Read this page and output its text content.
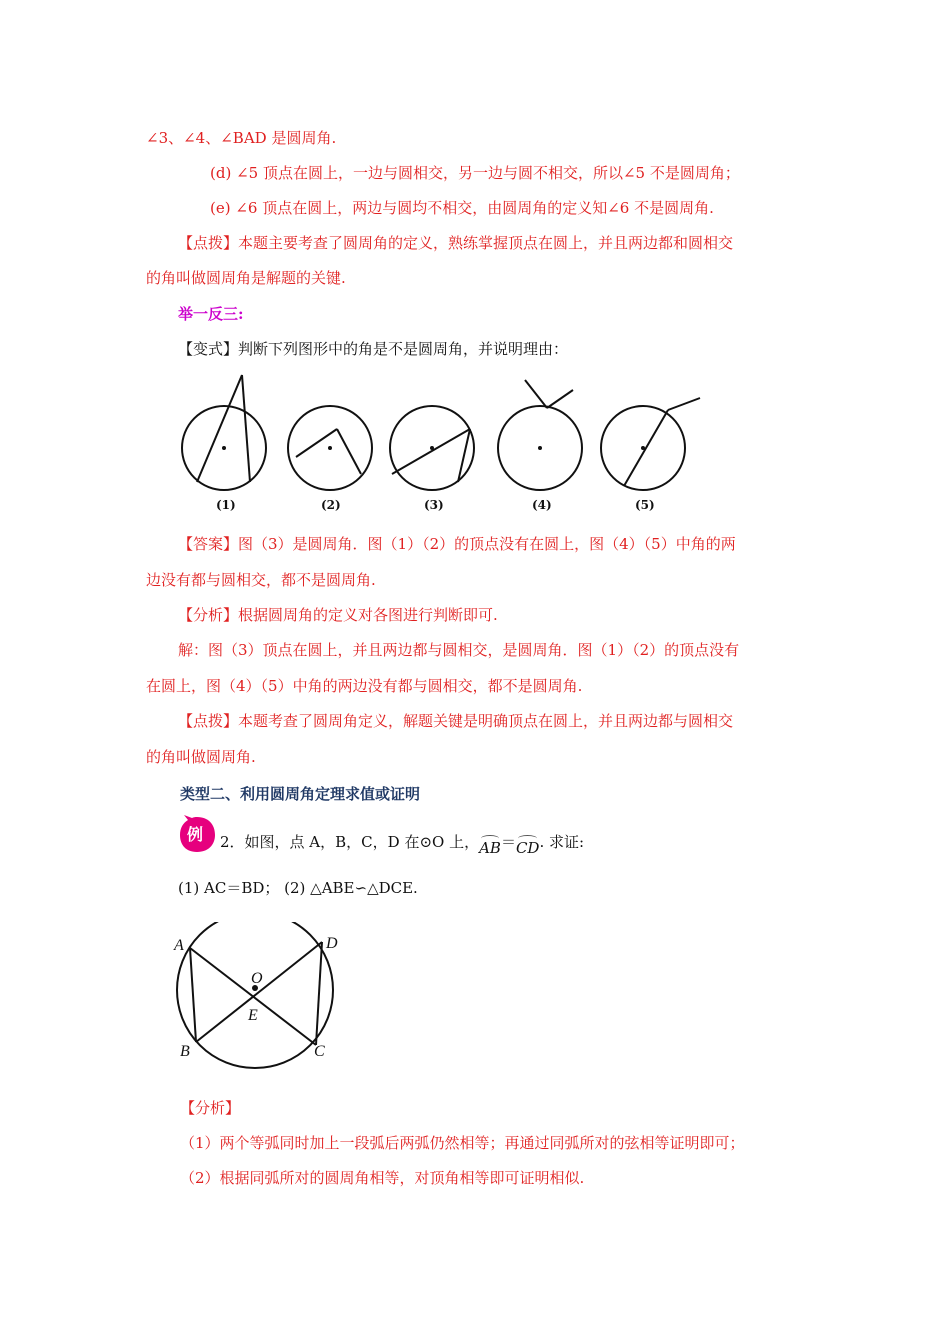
∠3、∠4、∠BAD 是圆周角.
(d) ∠5 顶点在圆上，一边与圆相交，另一边与圆不相交，所以∠5 不是圆周角；
(e) ∠6 顶点在圆上，两边与圆均不相交，由圆周角的定义知∠6 不是圆周角.
【点拨】本题主要考查了圆周角的定义，熟练掌握顶点在圆上，并且两边都和圆相交
的角叫做圆周角是解题的关键.
举一反三:
【变式】判断下列图形中的角是不是圆周角，并说明理由：
(1)	(2)	(3)	(4)	(5)
【答案】图（3）是圆周角．图（1）（2）的顶点没有在圆上，图（4）（5）中角的两
边没有都与圆相交，都不是圆周角.
【分析】根据圆周角的定义对各图进行判断即可.
解：图（3）顶点在圆上，并且两边都与圆相交，是圆周角．图（1）（2）的顶点没有
在圆上，图（4）（5）中角的两边没有都与圆相交，都不是圆周角.
【点拨】本题考查了圆周角定义，解题关键是明确顶点在圆上，并且两边都与圆相交
的角叫做圆周角.
类型二、利用圆周角定理求值或证明
例 2．如图，点 A，B，C，D 在⊙O 上，AB＝CD. 求证:
(1) AC＝BD； (2) △ABE∽△DCE.
A	D
O
E
B	C
【分析】
（1）两个等弧同时加上一段弧后两弧仍然相等；再通过同弧所对的弦相等证明即可；
（2）根据同弧所对的圆周角相等，对顶角相等即可证明相似.
